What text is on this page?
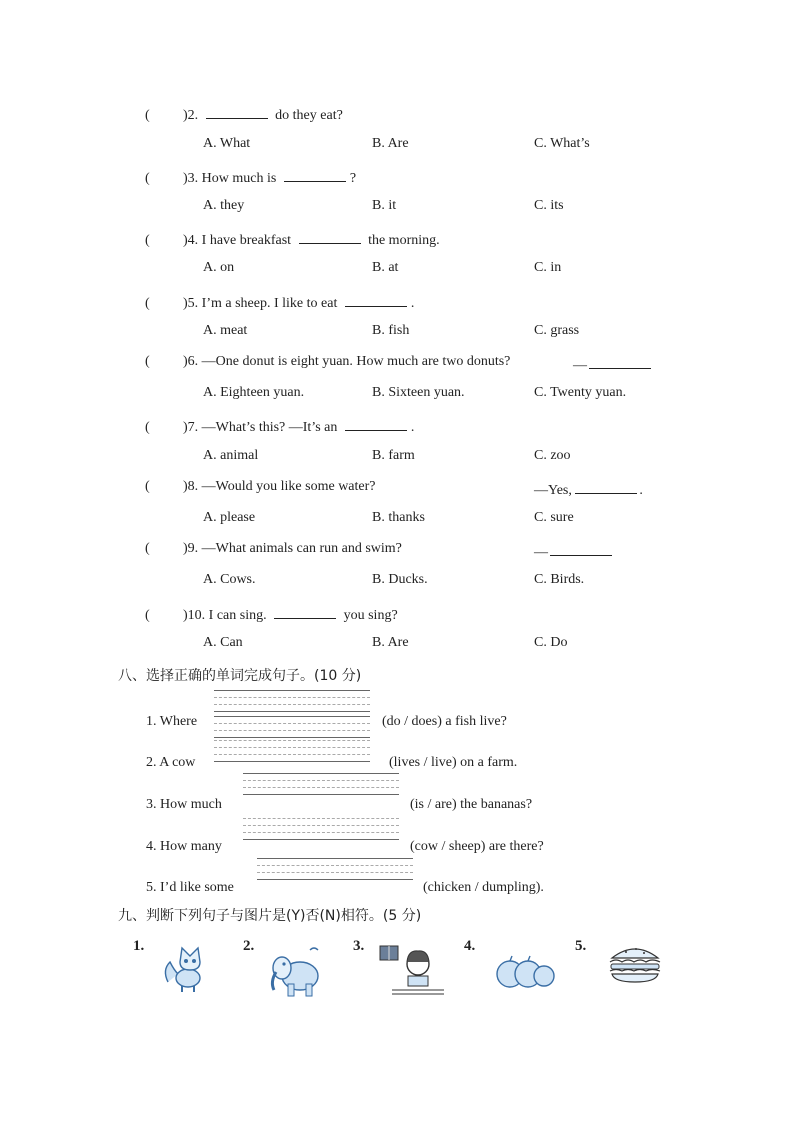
( )2.	do they eat?
A. What	B. Are	C. What’s
( )3. How much is	?
A. they	B. it	C. its
( )4. I have breakfast	the morning.
A. on	B. at	C. in
( )5. I’m a sheep. I like to eat	.
A. meat	B. fish	C. grass
( )6. —One donut is eight yuan. How much are two donuts?	—
A. Eighteen yuan.	B. Sixteen yuan.	C. Twenty yuan.
( )7. —What’s this? —It’s an	.
A. animal	B. farm	C. zoo
( )8. —Would you like some water?	—Yes,	.
A. please	B. thanks	C. sure
( )9. —What animals can run and swim?	—
A. Cows.	B. Ducks.	C. Birds.
( )10. I can sing.	you sing?
A. Can	B. Are	C. Do
八、选择正确的单词完成句子。(10 分)
1. Where	(do / does) a fish live?
2. A cow	(lives / live) on a farm.
3. How much	(is / are) the bananas?
4. How many	(cow / sheep) are there?
5. I’d like some	(chicken / dumpling).
九、判断下列句子与图片是(Y)否(N)相符。(5 分)
1.	2.	3.	4.	5.
